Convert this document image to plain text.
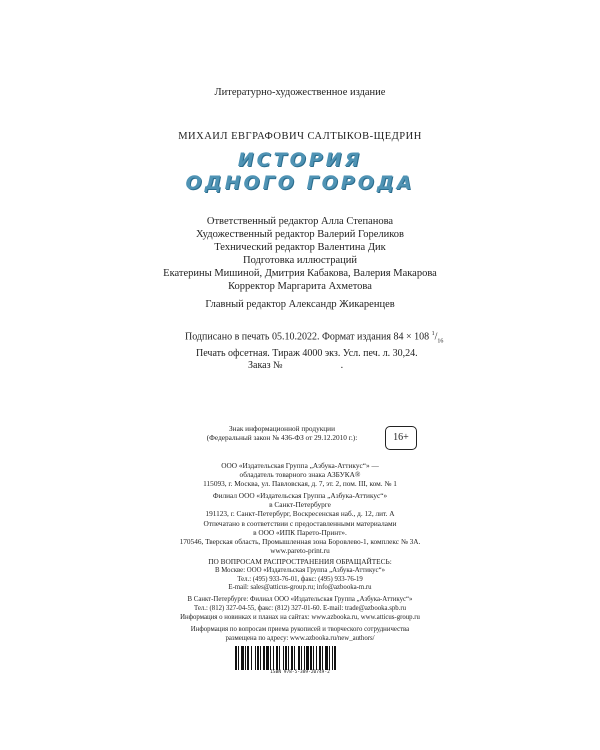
Литературно-художественное издание
МИХАИЛ ЕВГРАФОВИЧ САЛТЫКОВ-ЩЕДРИН
ИСТОРИЯ
ОДНОГО ГОРОДА
Ответственный редактор Алла Степанова
Художественный редактор Валерий Гореликов
Технический редактор Валентина Дик
Подготовка иллюстраций
Екатерины Мишиной, Дмитрия Кабакова, Валерия Макарова
Корректор Маргарита Ахметова
Главный редактор Александр Жикаренцев
Подписано в печать 05.10.2022. Формат издания 84 × 108 $^1/_{16}$
Печать офсетная. Тираж 4000 экз. Усл. печ. л. 30,24.
Заказ №	.
Знак информационной продукции
(Федеральный закон № 436-ФЗ от 29.12.2010 г.):	16+
ООО «Издательская Группа „Азбука-Аттикус“» —
обладатель товарного знака АЗБУКА®
115093, г. Москва, ул. Павловская, д. 7, эт. 2, пом. III, ком. № 1
Филиал ООО «Издательская Группа „Азбука-Аттикус“»
в Санкт-Петербурге
191123, г. Санкт-Петербург, Воскресенская наб., д. 12, лит. А
Отпечатано в соответствии с предоставленными материалами
в ООО «ИПК Парето-Принт».
170546, Тверская область, Промышленная зона Боровлево-1, комплекс № 3А.
www.pareto-print.ru
ПО ВОПРОСАМ РАСПРОСТРАНЕНИЯ ОБРАЩАЙТЕСЬ:
В Москве: ООО «Издательская Группа „Азбука-Аттикус“»
Тел.: (495) 933-76-01, факс: (495) 933-76-19
E-mail: sales@atticus-group.ru; info@azbooka-m.ru
В Санкт-Петербурге: Филиал ООО «Издательская Группа „Азбука-Аттикус“»
Тел.: (812) 327-04-55, факс: (812) 327-01-60. E-mail: trade@azbooka.spb.ru
Информация о новинках и планах на сайтах: www.azbooka.ru, www.atticus-group.ru
Информация по вопросам приема рукописей и творческого сотрудничества
размещена по адресу: www.azbooka.ru/new_authors/
ISBN 978-5-389-20749-2
